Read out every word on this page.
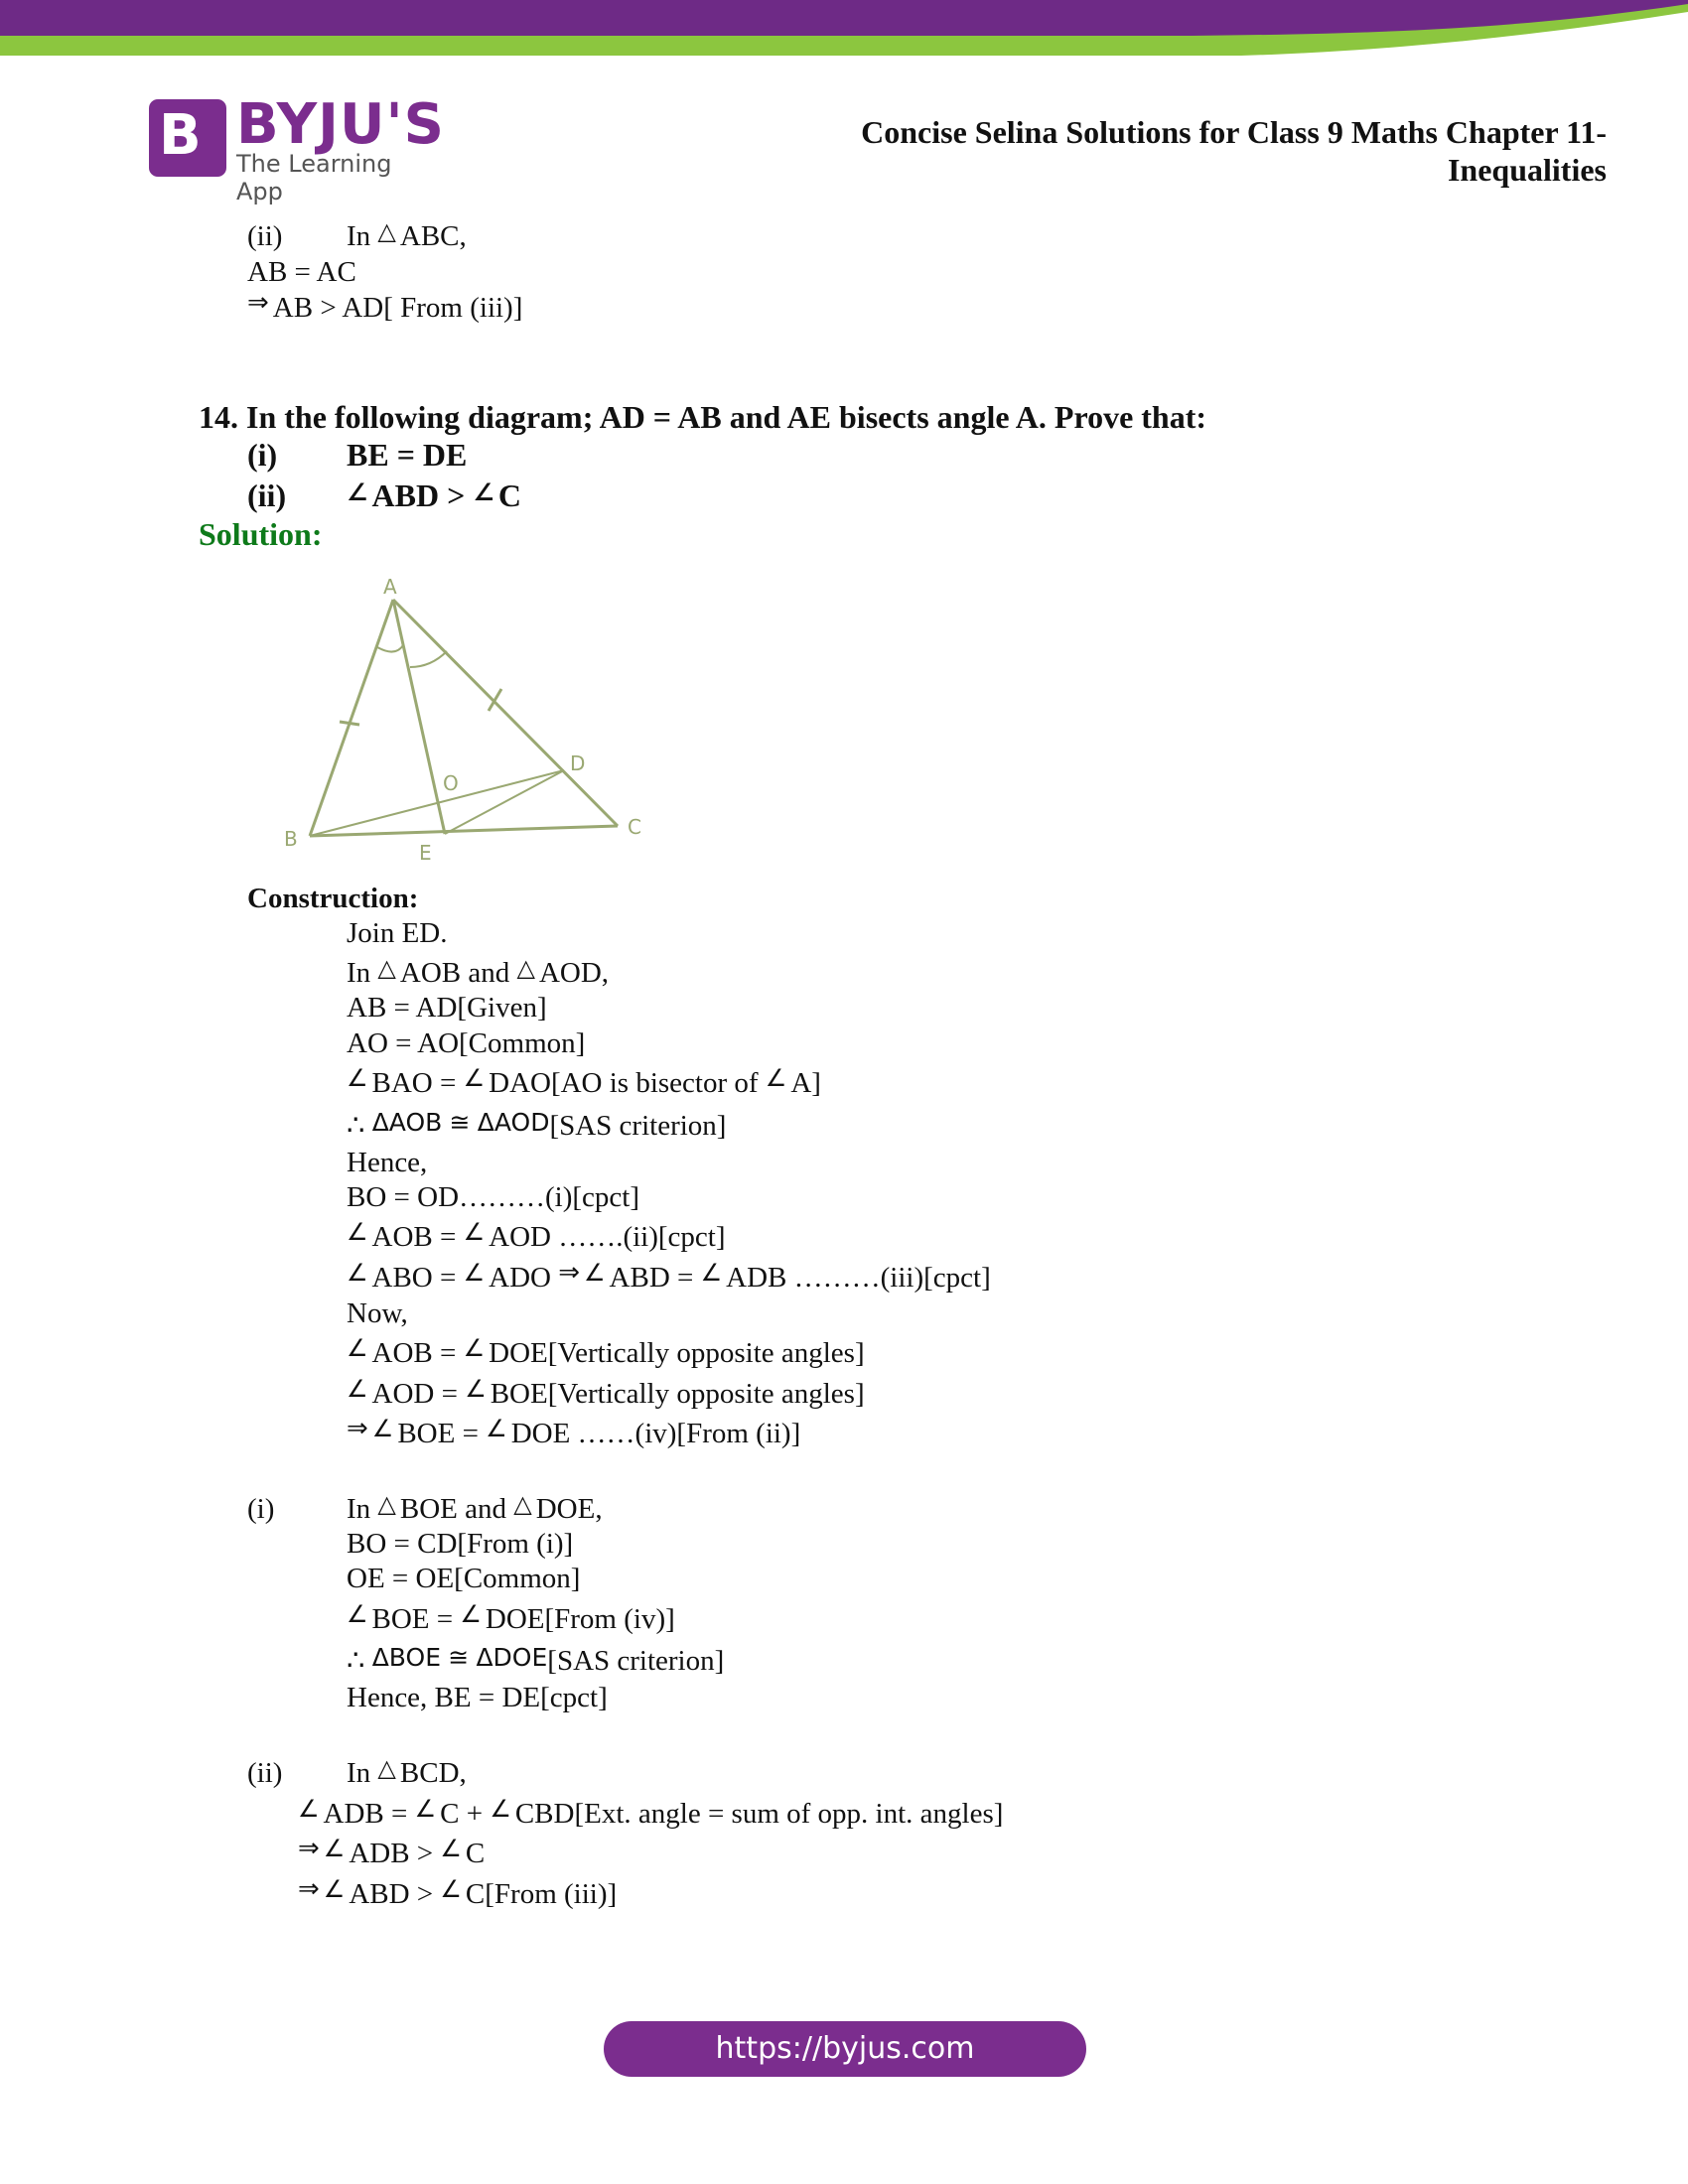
B BYJU'S
The Learning App
Concise Selina Solutions for Class 9 Maths Chapter 11-
Inequalities
(ii) In △ ABC,
AB = AC
⇒ AB > AD[ From (iii)]
14. In the following diagram; AD = AB and AE bisects angle A. Prove that:
(i) BE = DE
(ii)	∠ ABD > ∠ C
Solution:
A
B	C
D
E
O
Construction:
Join ED.
In △ AOB and △ AOD,
AB = AD[Given]
AO = AO[Common]
∠ BAO = ∠ DAO[AO is bisector of ∠ A]
∴ ΔAOB ≅ ΔAOD[SAS criterion]
Hence,
BO = OD………(i)[cpct]
∠ AOB = ∠ AOD …….(ii)[cpct]
∠ ABO = ∠ ADO ⇒ ∠ ABD = ∠ ADB ………(iii)[cpct]
Now,
∠ AOB = ∠ DOE[Vertically opposite angles]
∠ AOD = ∠ BOE[Vertically opposite angles]
⇒ ∠ BOE = ∠ DOE ……(iv)[From (ii)]
(i)	In △ BOE and △ DOE,
BO = CD[From (i)]
OE = OE[Common]
∠ BOE = ∠ DOE[From (iv)]
∴ ΔBOE ≅ ΔDOE[SAS criterion]
Hence, BE = DE[cpct]
(ii) In △ BCD,
∠ ADB = ∠ C + ∠ CBD[Ext. angle = sum of opp. int. angles]
⇒ ∠ ADB > ∠ C
⇒ ∠ ABD > ∠ C[From (iii)]
https://byjus.com
